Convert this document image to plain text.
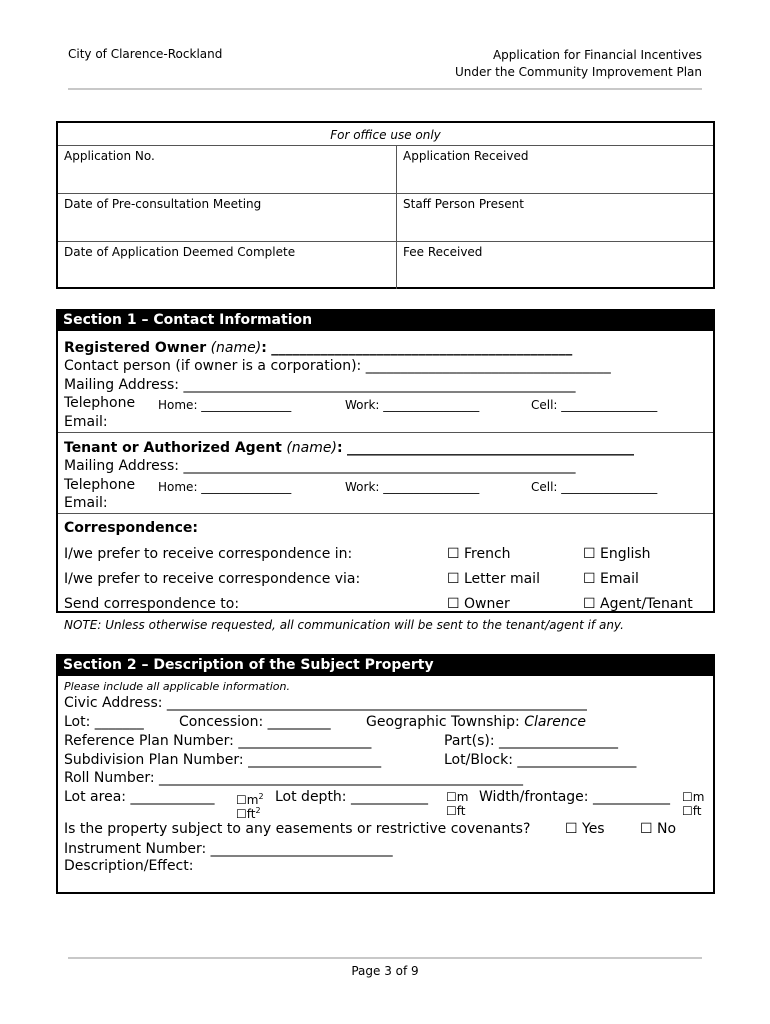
City of Clarence-Rockland	Application for Financial Incentives
Under the Community Improvement Plan
For office use only
Application No.	Application Received
Date of Pre-consultation Meeting	Staff Person Present
Date of Application Deemed Complete	Fee Received
Section 1 – Contact Information
Registered Owner (name): ___________________________________________
Contact person (if owner is a corporation): ___________________________________
Mailing Address: ________________________________________________________
Telephone Home: _______________	Work: ________________	Cell: ________________
Email:
Tenant or Authorized Agent (name): _________________________________________
Mailing Address: ________________________________________________________
Telephone Home: _______________	Work: ________________	Cell: ________________
Email:
Correspondence:
I/we prefer to receive correspondence in:	☐ French	☐ English
I/we prefer to receive correspondence via:	☐ Letter mail	☐ Email
Send correspondence to:	☐ Owner	☐ Agent/Tenant
NOTE: Unless otherwise requested, all communication will be sent to the tenant/agent if any.
Section 2 – Description of the Subject Property
Please include all applicable information.
Civic Address: ____________________________________________________________
Lot: _______	Concession: _________	Geographic Township: Clarence
Reference Plan Number: ___________________	Part(s): _________________
Subdivision Plan Number: ___________________	Lot/Block: _________________
Roll Number: ____________________________________________________
Lot area: ____________ $☐m^2$
$☐ft^2$
Lot depth: ___________ ☐m
☐ft
Width/frontage: ___________ ☐m
☐ft
Is the property subject to any easements or restrictive covenants? ☐ Yes	☐ No
Instrument Number: __________________________
Description/Effect:
Page 3 of 9
